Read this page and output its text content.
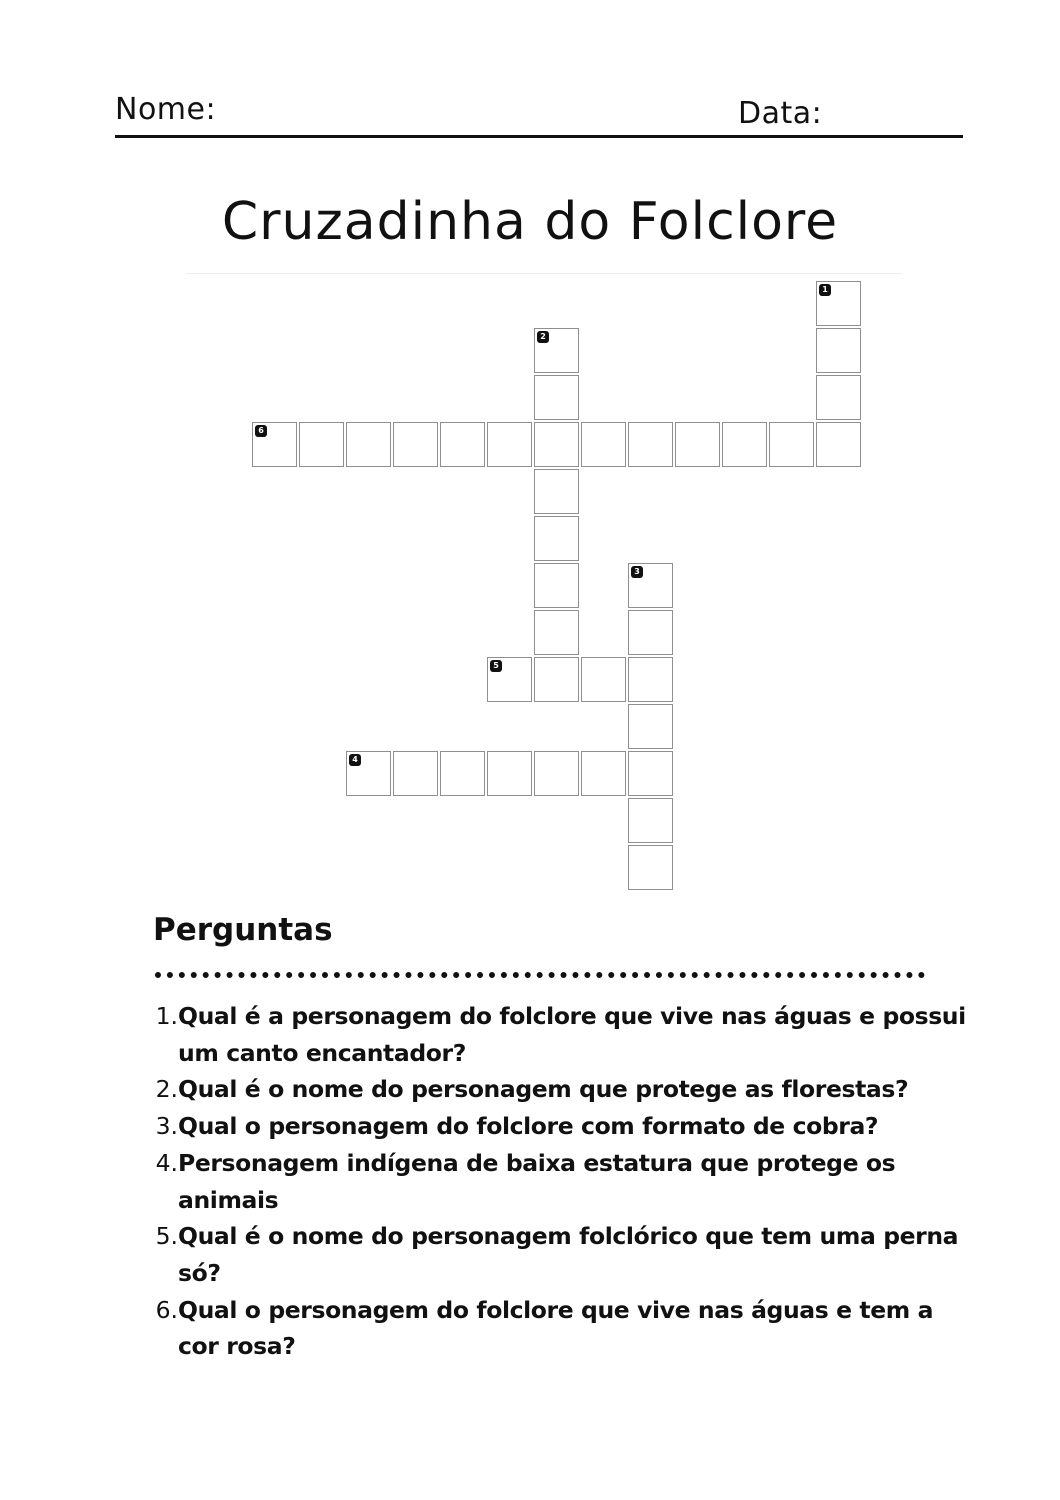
Nome:	Data:
Cruzadinha do Folclore
1
2
3
4
5
6
Perguntas
1. Qual é a personagem do folclore que vive nas águas e possui um canto encantador?
2. Qual é o nome do personagem que protege as florestas?
3. Qual o personagem do folclore com formato de cobra?
4. Personagem indígena de baixa estatura que protege os animais
5. Qual é o nome do personagem folclórico que tem uma perna só?
6. Qual o personagem do folclore que vive nas águas e tem a cor rosa?
